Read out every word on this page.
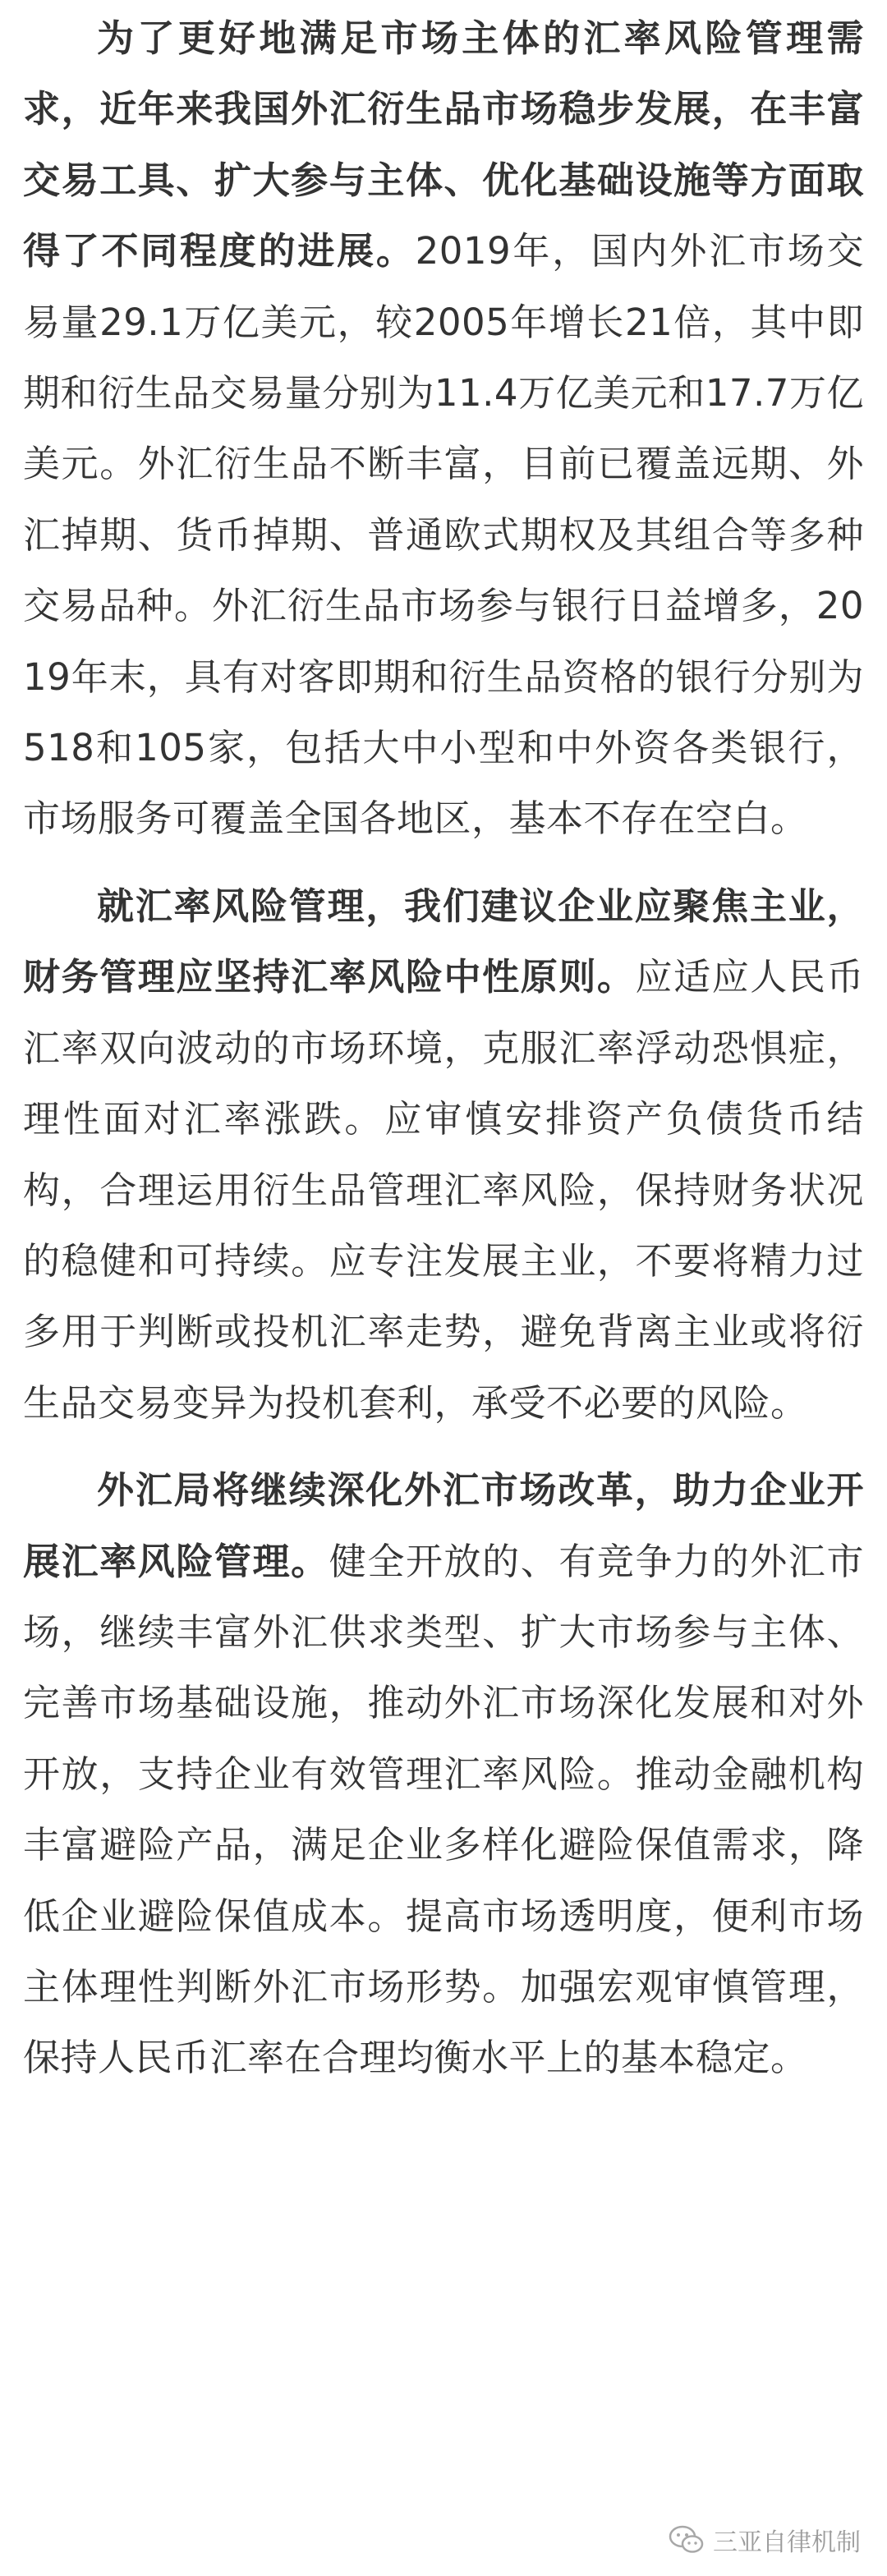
为了更好地满足市场主体的汇率风险管理需求，近年来我国外汇衍生品市场稳步发展，在丰富交易工具、扩大参与主体、优化基础设施等方面取得了不同程度的进展。2019年，国内外汇市场交易量29.1万亿美元，较2005年增长21倍，其中即期和衍生品交易量分别为11.4万亿美元和17.7万亿美元。外汇衍生品不断丰富，目前已覆盖远期、外汇掉期、货币掉期、普通欧式期权及其组合等多种交易品种。外汇衍生品市场参与银行日益增多，2019年末，具有对客即期和衍生品资格的银行分别为518和105家，包括大中小型和中外资各类银行，市场服务可覆盖全国各地区，基本不存在空白。

就汇率风险管理，我们建议企业应聚焦主业，财务管理应坚持汇率风险中性原则。应适应人民币汇率双向波动的市场环境，克服汇率浮动恐惧症，理性面对汇率涨跌。应审慎安排资产负债货币结构，合理运用衍生品管理汇率风险，保持财务状况的稳健和可持续。应专注发展主业，不要将精力过多用于判断或投机汇率走势，避免背离主业或将衍生品交易变异为投机套利，承受不必要的风险。

外汇局将继续深化外汇市场改革，助力企业开展汇率风险管理。健全开放的、有竞争力的外汇市场，继续丰富外汇供求类型、扩大市场参与主体、完善市场基础设施，推动外汇市场深化发展和对外开放，支持企业有效管理汇率风险。推动金融机构丰富避险产品，满足企业多样化避险保值需求，降低企业避险保值成本。提高市场透明度，便利市场主体理性判断外汇市场形势。加强宏观审慎管理，保持人民币汇率在合理均衡水平上的基本稳定。

三亚自律机制
